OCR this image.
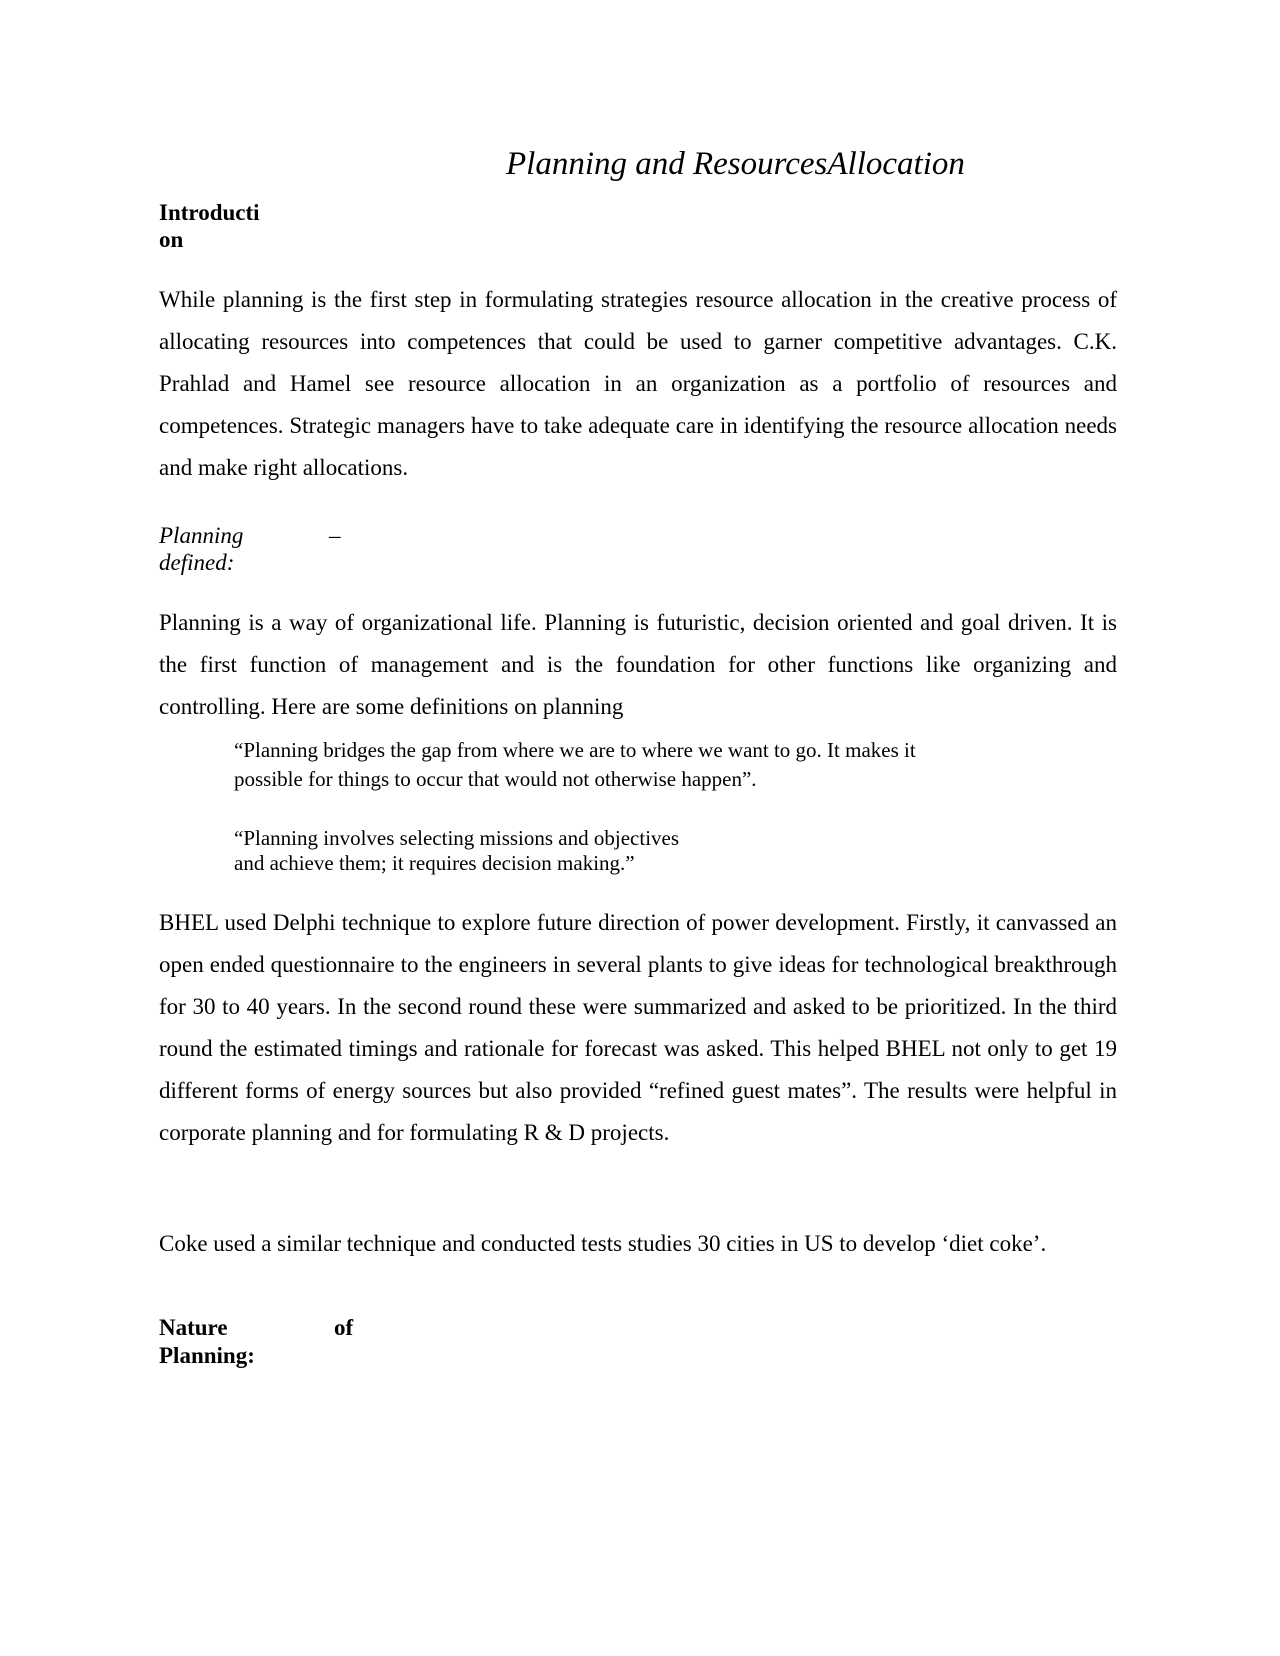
Planning and ResourcesAllocation
Introducti
on
While planning is the first step in formulating strategies resource allocation in the creative process of allocating resources into competences that could be used to garner competitive advantages. C.K. Prahlad and Hamel see resource allocation in an organization as a portfolio of resources and competences. Strategic managers have to take adequate care in identifying the resource allocation needs and make right allocations.
Planning	–
defined:
Planning is a way of organizational life. Planning is futuristic, decision oriented and goal driven. It is the first function of management and is the foundation for other functions like organizing and controlling. Here are some definitions on planning
“Planning bridges the gap from where we are to where we want to go. It makes it
possible for things to occur that would not otherwise happen”.
“Planning involves selecting missions and objectives
and achieve them; it requires decision making.”
BHEL used Delphi technique to explore future direction of power development. Firstly, it canvassed an open ended questionnaire to the engineers in several plants to give ideas for technological breakthrough for 30 to 40 years. In the second round these were summarized and asked to be prioritized. In the third round the estimated timings and rationale for forecast was asked. This helped BHEL not only to get 19 different forms of energy sources but also provided “refined guest mates”. The results were helpful in corporate planning and for formulating R & D projects.
Coke used a similar technique and conducted tests studies 30 cities in US to develop ‘diet coke’.
Nature	of
Planning:
